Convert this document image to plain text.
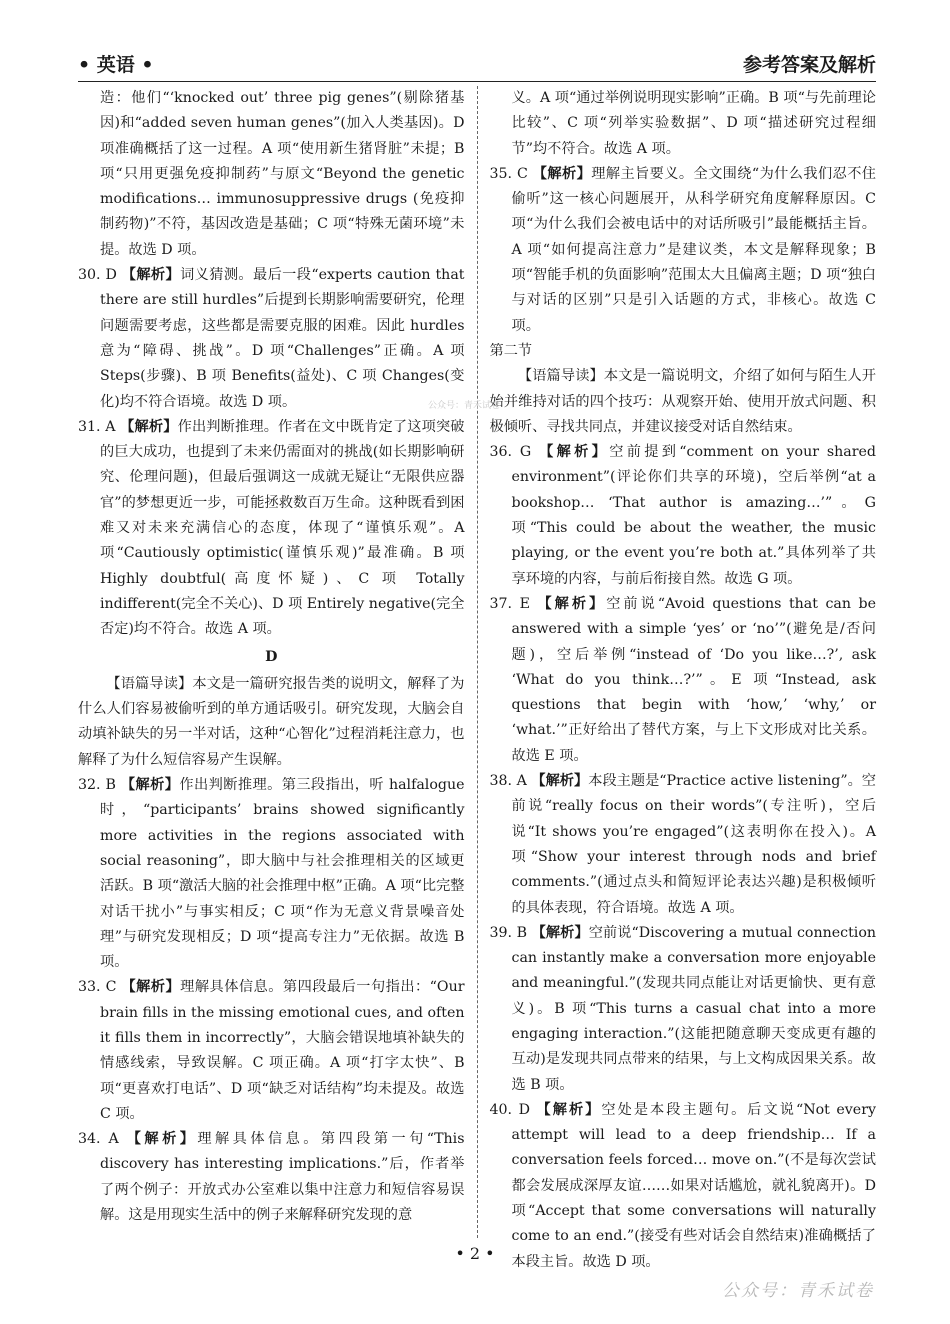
• 英语 •	参考答案及解析

造：他们“‘knocked out’ three pig genes”(剔除猪基因)和“added seven human genes”(加入人类基因)。D 项准确概括了这一过程。A 项“使用新生猪肾脏”未提；B 项“只用更强免疫抑制药”与原文“Beyond the genetic modifications… immunosuppressive drugs (免疫抑制药物)”不符，基因改造是基础；C 项“特殊无菌环境”未提。故选 D 项。

30. D 【解析】词义猜测。最后一段“experts caution that there are still hurdles”后提到长期影响需要研究，伦理问题需要考虑，这些都是需要克服的困难。因此 hurdles 意为“障碍、挑战”。D 项“Challenges”正确。A 项 Steps(步骤)、B 项 Benefits(益处)、C 项 Changes(变化)均不符合语境。故选 D 项。

31. A 【解析】作出判断推理。作者在文中既肯定了这项突破的巨大成功，也提到了未来仍需面对的挑战(如长期影响研究、伦理问题)，但最后强调这一成就无疑让“无限供应器官”的梦想更近一步，可能拯救数百万生命。这种既看到困难又对未来充满信心的态度，体现了“谨慎乐观”。A 项“Cautiously optimistic(谨慎乐观)”最准确。B 项 Highly doubtful(高度怀疑)、C 项 Totally indifferent(完全不关心)、D 项 Entirely negative(完全否定)均不符合。故选 A 项。

D

【语篇导读】本文是一篇研究报告类的说明文，解释了为什么人们容易被偷听到的单方通话吸引。研究发现，大脑会自动填补缺失的另一半对话，这种“心智化”过程消耗注意力，也解释了为什么短信容易产生误解。

32. B 【解析】作出判断推理。第三段指出，听 halfalogue 时，“participants’ brains showed significantly more activities in the regions associated with social reasoning”，即大脑中与社会推理相关的区域更活跃。B 项“激活大脑的社会推理中枢”正确。A 项“比完整对话干扰小”与事实相反；C 项“作为无意义背景噪音处理”与研究发现相反；D 项“提高专注力”无依据。故选 B 项。

33. C 【解析】理解具体信息。第四段最后一句指出：“Our brain fills in the missing emotional cues, and often it fills them in incorrectly”，大脑会错误地填补缺失的情感线索，导致误解。C 项正确。A 项“打字太快”、B 项“更喜欢打电话”、D 项“缺乏对话结构”均未提及。故选 C 项。

34. A 【解析】理解具体信息。第四段第一句“This discovery has interesting implications.”后，作者举了两个例子：开放式办公室难以集中注意力和短信容易误解。这是用现实生活中的例子来解释研究发现的意

义。A 项“通过举例说明现实影响”正确。B 项“与先前理论比较”、C 项“列举实验数据”、D 项“描述研究过程细节”均不符合。故选 A 项。

35. C 【解析】理解主旨要义。全文围绕“为什么我们忍不住偷听”这一核心问题展开，从科学研究角度解释原因。C 项“为什么我们会被电话中的对话所吸引”最能概括主旨。A 项“如何提高注意力”是建议类，本文是解释现象；B 项“智能手机的负面影响”范围太大且偏离主题；D 项“独白与对话的区别”只是引入话题的方式，非核心。故选 C 项。

第二节

【语篇导读】本文是一篇说明文，介绍了如何与陌生人开始并维持对话的四个技巧：从观察开始、使用开放式问题、积极倾听、寻找共同点，并建议接受对话自然结束。

36. G 【解析】空前提到“comment on your shared environment”(评论你们共享的环境)，空后举例“at a bookshop… ‘That author is amazing…’”。G 项“This could be about the weather, the music playing, or the event you’re both at.”具体列举了共享环境的内容，与前后衔接自然。故选 G 项。

37. E 【解析】空前说“Avoid questions that can be answered with a simple ‘yes’ or ‘no’”(避免是/否问题)，空后举例“instead of ‘Do you like…?’, ask ‘What do you think…?’”。E 项“Instead, ask questions that begin with ‘how,’ ‘why,’ or ‘what.’”正好给出了替代方案，与上下文形成对比关系。故选 E 项。

38. A 【解析】本段主题是“Practice active listening”。空前说“really focus on their words”(专注听)，空后说“It shows you’re engaged”(这表明你在投入)。A 项“Show your interest through nods and brief comments.”(通过点头和简短评论表达兴趣)是积极倾听的具体表现，符合语境。故选 A 项。

39. B 【解析】空前说“Discovering a mutual connection can instantly make a conversation more enjoyable and meaningful.”(发现共同点能让对话更愉快、更有意义)。B 项“This turns a casual chat into a more engaging interaction.”(这能把随意聊天变成更有趣的互动)是发现共同点带来的结果，与上文构成因果关系。故选 B 项。

40. D 【解析】空处是本段主题句。后文说“Not every attempt will lead to a deep friendship… If a conversation feels forced… move on.”(不是每次尝试都会发展成深厚友谊……如果对话尴尬，就礼貌离开)。D 项“Accept that some conversations will naturally come to an end.”(接受有些对话会自然结束)准确概括了本段主旨。故选 D 项。

公众号：青禾试卷
• 2 •
公众号：青禾试卷
